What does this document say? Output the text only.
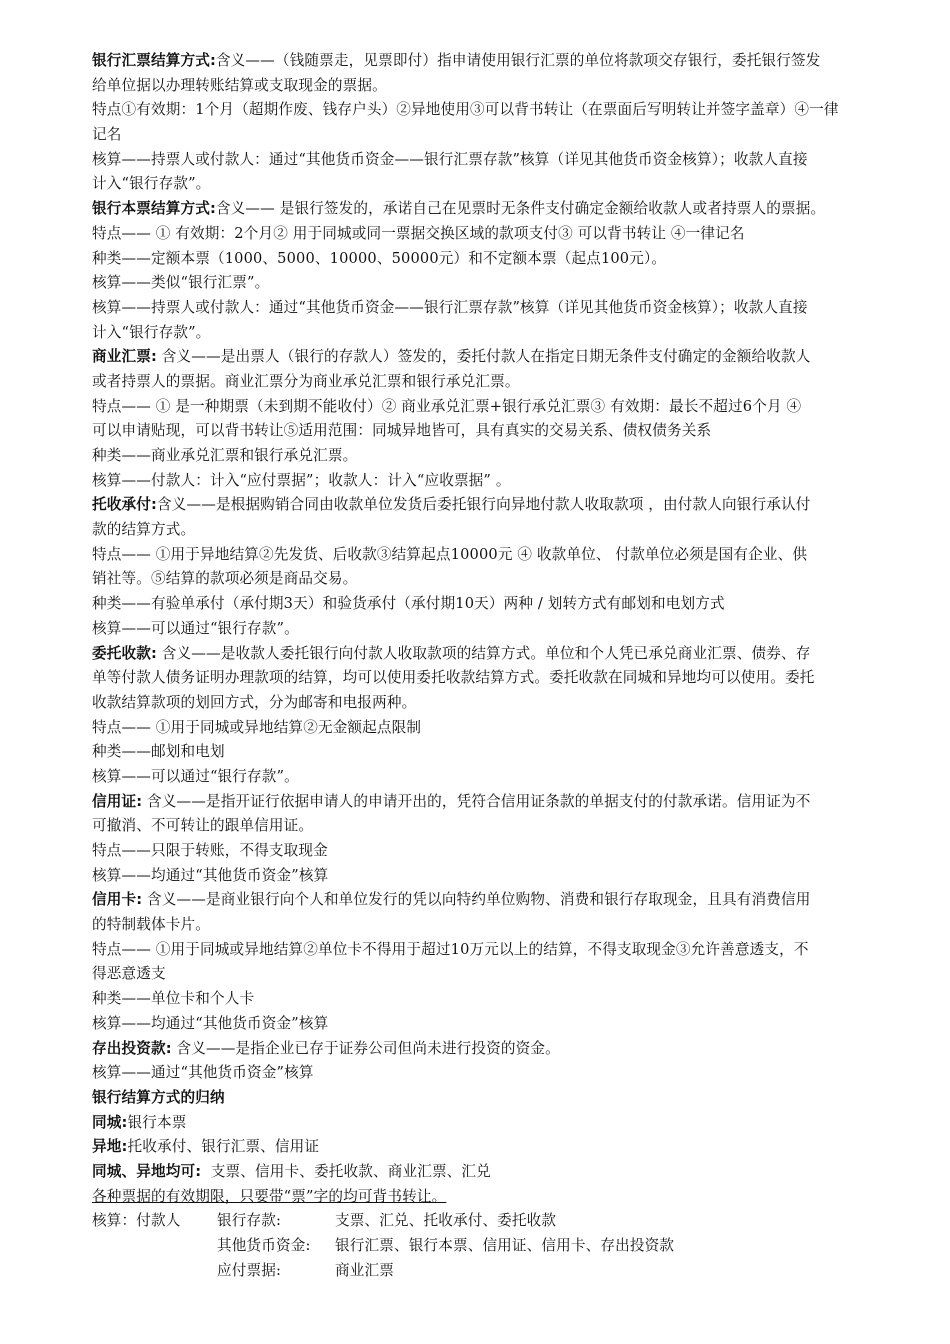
银行汇票结算方式:含义——（钱随票走，见票即付）指申请使用银行汇票的单位将款项交存银行，委托银行签发
给单位据以办理转账结算或支取现金的票据。
特点①有效期：1个月（超期作废、钱存户头）②异地使用③可以背书转让（在票面后写明转让并签字盖章）④一律
记名
核算——持票人或付款人：通过“其他货币资金——银行汇票存款”核算（详见其他货币资金核算）；收款人直接
计入“银行存款”。
银行本票结算方式:含义—— 是银行签发的，承诺自己在见票时无条件支付确定金额给收款人或者持票人的票据。
特点—— ① 有效期：2个月② 用于同城或同一票据交换区域的款项支付③ 可以背书转让 ④一律记名
种类——定额本票（1000、5000、10000、50000元）和不定额本票（起点100元）。
核算——类似“银行汇票”。
核算——持票人或付款人：通过“其他货币资金——银行汇票存款”核算（详见其他货币资金核算）；收款人直接
计入“银行存款”。
商业汇票: 含义——是出票人（银行的存款人）签发的，委托付款人在指定日期无条件支付确定的金额给收款人
或者持票人的票据。商业汇票分为商业承兑汇票和银行承兑汇票。
特点—— ① 是一种期票（未到期不能收付）② 商业承兑汇票+银行承兑汇票③ 有效期：最长不超过6个月 ④
可以申请贴现，可以背书转让⑤适用范围：同城异地皆可，具有真实的交易关系、债权债务关系
种类——商业承兑汇票和银行承兑汇票。
核算——付款人：计入“应付票据”；收款人：计入“应收票据” 。
托收承付:含义——是根据购销合同由收款单位发货后委托银行向异地付款人收取款项 ，由付款人向银行承认付
款的结算方式。
特点—— ①用于异地结算②先发货、后收款③结算起点10000元 ④ 收款单位、 付款单位必须是国有企业、供
销社等。⑤结算的款项必须是商品交易。
种类——有验单承付（承付期3天）和验货承付（承付期10天）两种 / 划转方式有邮划和电划方式
核算——可以通过“银行存款”。
委托收款: 含义——是收款人委托银行向付款人收取款项的结算方式。单位和个人凭已承兑商业汇票、债券、存
单等付款人债务证明办理款项的结算，均可以使用委托收款结算方式。委托收款在同城和异地均可以使用。委托
收款结算款项的划回方式，分为邮寄和电报两种。
特点—— ①用于同城或异地结算②无金额起点限制
种类——邮划和电划
核算——可以通过“银行存款”。
信用证: 含义——是指开证行依据申请人的申请开出的，凭符合信用证条款的单据支付的付款承诺。信用证为不
可撤消、不可转让的跟单信用证。
特点——只限于转账，不得支取现金
核算——均通过“其他货币资金”核算
信用卡: 含义——是商业银行向个人和单位发行的凭以向特约单位购物、消费和银行存取现金，且具有消费信用
的特制载体卡片。
特点—— ①用于同城或异地结算②单位卡不得用于超过10万元以上的结算，不得支取现金③允许善意透支，不
得恶意透支
种类——单位卡和个人卡
核算——均通过“其他货币资金”核算
存出投资款: 含义——是指企业已存于证券公司但尚未进行投资的资金。
核算——通过“其他货币资金”核算
银行结算方式的归纳
同城:银行本票
异地:托收承付、银行汇票、信用证
同城、异地均可:  支票、信用卡、委托收款、商业汇票、汇兑
各种票据的有效期限，只要带“票”字的均可背书转让。
核算：付款人	银行存款:	支票、汇兑、托收承付、委托收款
其他货币资金:	银行汇票、银行本票、信用证、信用卡、存出投资款
应付票据:	商业汇票
